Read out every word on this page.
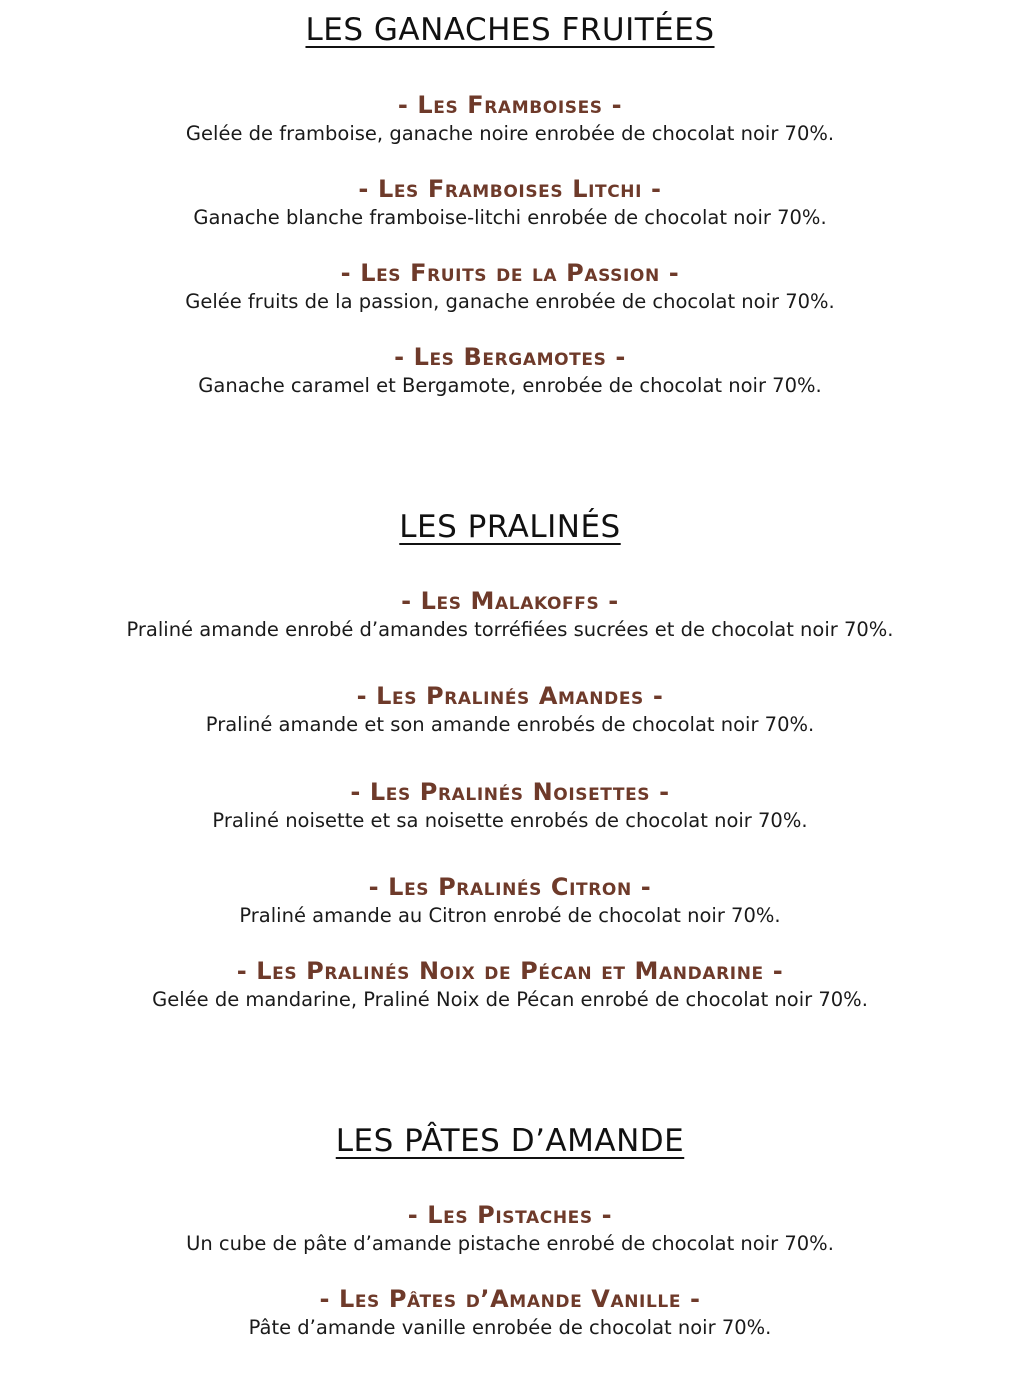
LES GANACHES FRUITÉES

- Les Framboises -

Gelée de framboise, ganache noire enrobée de chocolat noir 70%.

- Les Framboises Litchi -

Ganache blanche framboise-litchi enrobée de chocolat noir 70%.

- Les Fruits de la Passion -

Gelée fruits de la passion, ganache enrobée de chocolat noir 70%.

- Les Bergamotes -

Ganache caramel et Bergamote, enrobée de chocolat noir 70%.

LES PRALINÉS

- Les Malakoffs -

Praliné amande enrobé d’amandes torréfiées sucrées et de chocolat noir 70%.

- Les Pralinés Amandes -

Praliné amande et son amande enrobés de chocolat noir 70%.

- Les Pralinés Noisettes -

Praliné noisette et sa noisette enrobés de chocolat noir 70%.

- Les Pralinés Citron -

Praliné amande au Citron enrobé de chocolat noir 70%.

- Les Pralinés Noix de Pécan et Mandarine -

Gelée de mandarine, Praliné Noix de Pécan enrobé de chocolat noir 70%.

LES PÂTES D’AMANDE

- Les Pistaches -

Un cube de pâte d’amande pistache enrobé de chocolat noir 70%.

- Les Pâtes d’Amande Vanille -

Pâte d’amande vanille enrobée de chocolat noir 70%.
